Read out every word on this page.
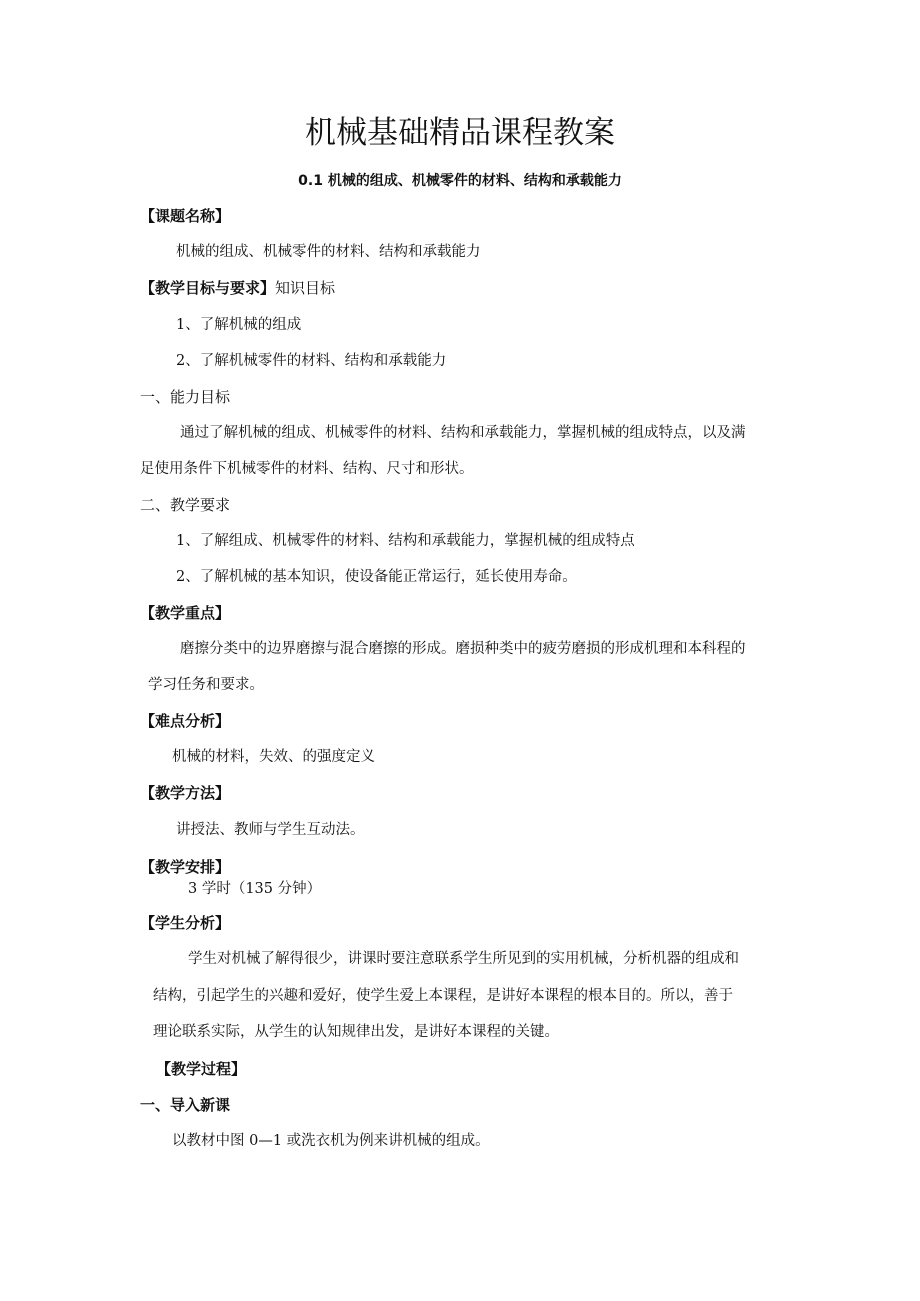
机械基础精品课程教案
0.1 机械的组成、机械零件的材料、结构和承载能力
【课题名称】
机械的组成、机械零件的材料、结构和承载能力
【教学目标与要求】知识目标
1、了解机械的组成
2、了解机械零件的材料、结构和承载能力
一、能力目标
通过了解机械的组成、机械零件的材料、结构和承载能力，掌握机械的组成特点，以及满
足使用条件下机械零件的材料、结构、尺寸和形状。
二、教学要求
1、了解组成、机械零件的材料、结构和承载能力，掌握机械的组成特点
2、了解机械的基本知识，使设备能正常运行，延长使用寿命。
【教学重点】
磨擦分类中的边界磨擦与混合磨擦的形成。磨损种类中的疲劳磨损的形成机理和本科程的
学习任务和要求。
【难点分析】
机械的材料，失效、的强度定义
【教学方法】
讲授法、教师与学生互动法。
【教学安排】
3 学时（135 分钟）
【学生分析】
学生对机械了解得很少，讲课时要注意联系学生所见到的实用机械，分析机器的组成和
结构，引起学生的兴趣和爱好，使学生爱上本课程，是讲好本课程的根本目的。所以，善于
理论联系实际，从学生的认知规律出发，是讲好本课程的关键。
【教学过程】
一、导入新课
以教材中图 0—1 或洗衣机为例来讲机械的组成。
